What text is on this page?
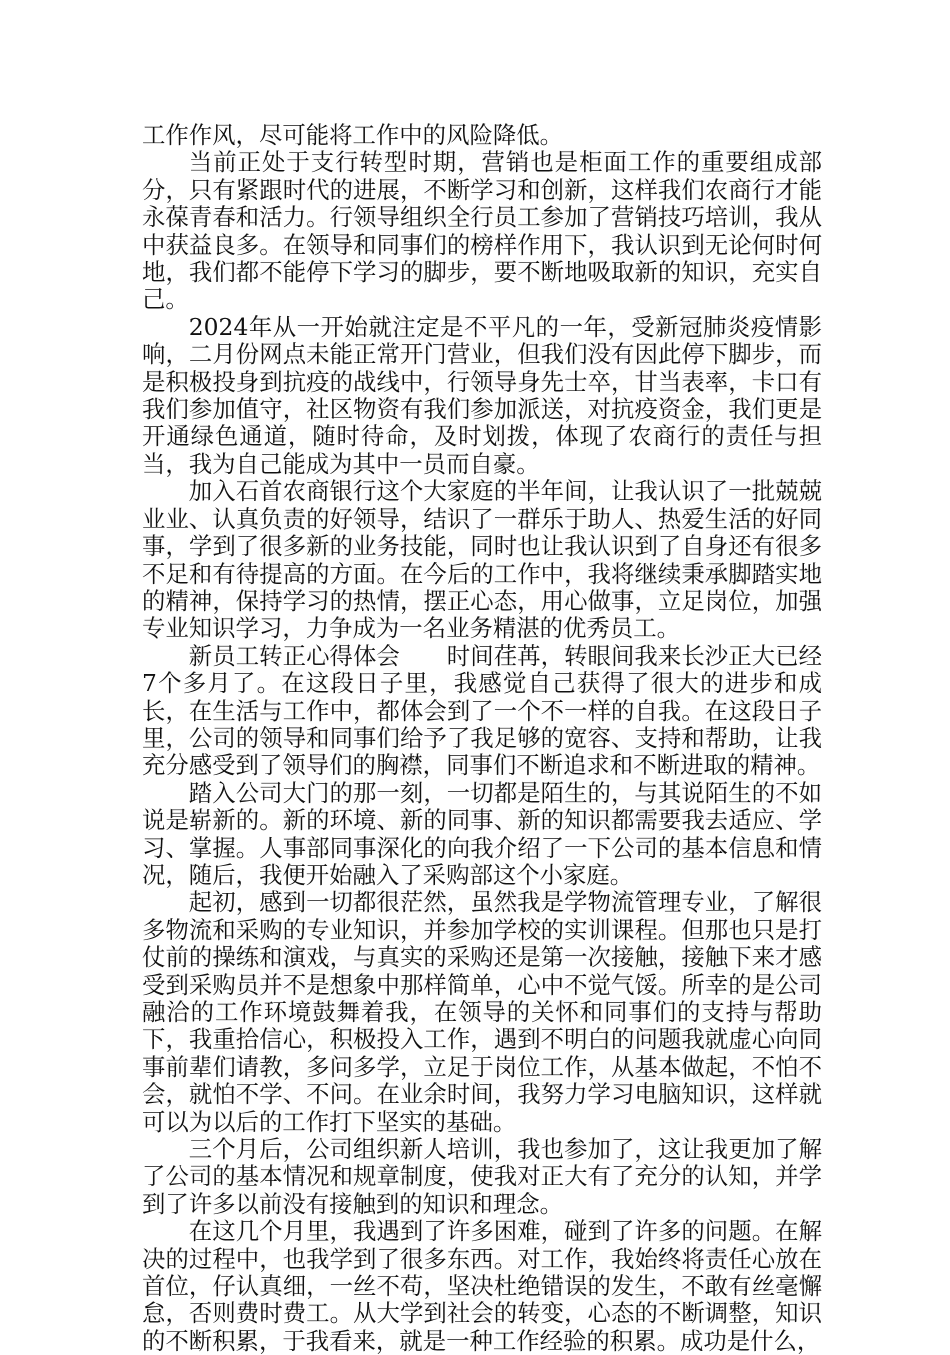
工作作风，尽可能将工作中的风险降低。

当前正处于支行转型时期，营销也是柜面工作的重要组成部分，只有紧跟时代的进展，不断学习和创新，这样我们农商行才能永葆青春和活力。行领导组织全行员工参加了营销技巧培训，我从中获益良多。在领导和同事们的榜样作用下，我认识到无论何时何地，我们都不能停下学习的脚步，要不断地吸取新的知识，充实自己。

2024年从一开始就注定是不平凡的一年，受新冠肺炎疫情影响，二月份网点未能正常开门营业，但我们没有因此停下脚步，而是积极投身到抗疫的战线中，行领导身先士卒，甘当表率，卡口有我们参加值守，社区物资有我们参加派送，对抗疫资金，我们更是开通绿色通道，随时待命，及时划拨，体现了农商行的责任与担当，我为自己能成为其中一员而自豪。

加入石首农商银行这个大家庭的半年间，让我认识了一批兢兢业业、认真负责的好领导，结识了一群乐于助人、热爱生活的好同事，学到了很多新的业务技能，同时也让我认识到了自身还有很多不足和有待提高的方面。在今后的工作中，我将继续秉承脚踏实地的精神，保持学习的热情，摆正心态，用心做事，立足岗位，加强专业知识学习，力争成为一名业务精湛的优秀员工。

新员工转正心得体会　　时间荏苒，转眼间我来长沙正大已经7个多月了。在这段日子里，我感觉自己获得了很大的进步和成长，在生活与工作中，都体会到了一个不一样的自我。在这段日子里，公司的领导和同事们给予了我足够的宽容、支持和帮助，让我充分感受到了领导们的胸襟，同事们不断追求和不断进取的精神。

踏入公司大门的那一刻，一切都是陌生的，与其说陌生的不如说是崭新的。新的环境、新的同事、新的知识都需要我去适应、学习、掌握。人事部同事深化的向我介绍了一下公司的基本信息和情况，随后，我便开始融入了采购部这个小家庭。

起初，感到一切都很茫然，虽然我是学物流管理专业，了解很多物流和采购的专业知识，并参加学校的实训课程。但那也只是打仗前的操练和演戏，与真实的采购还是第一次接触，接触下来才感受到采购员并不是想象中那样简单，心中不觉气馁。所幸的是公司融洽的工作环境鼓舞着我，在领导的关怀和同事们的支持与帮助下，我重拾信心，积极投入工作，遇到不明白的问题我就虚心向同事前辈们请教，多问多学，立足于岗位工作，从基本做起，不怕不会，就怕不学、不问。在业余时间，我努力学习电脑知识，这样就可以为以后的工作打下坚实的基础。

三个月后，公司组织新人培训，我也参加了，这让我更加了解了公司的基本情况和规章制度，使我对正大有了充分的认知，并学到了许多以前没有接触到的知识和理念。

在这几个月里，我遇到了许多困难，碰到了许多的问题。在解决的过程中，也我学到了很多东西。对工作，我始终将责任心放在首位，仔认真细，一丝不苟，坚决杜绝错误的发生，不敢有丝毫懈怠，否则费时费工。从大学到社会的转变，心态的不断调整，知识的不断积累，于我看来，就是一种工作经验的积累。成功是什么，
